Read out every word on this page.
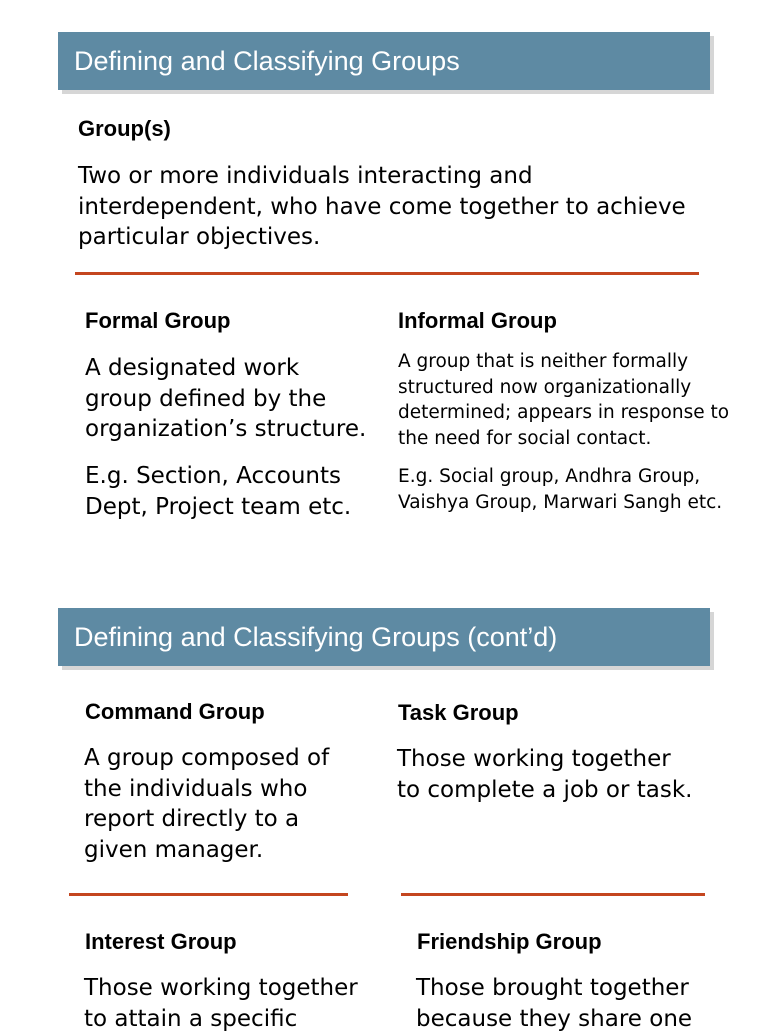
Defining and Classifying Groups
Group(s)
Two or more individuals interacting and
interdependent, who have come together to achieve
particular objectives.
Formal Group
A designated work
group defined by the
organization’s structure.
E.g. Section, Accounts
Dept, Project team etc.
Informal Group
A group that is neither formally
structured now organizationally
determined; appears in response to
the need for social contact.
E.g. Social group, Andhra Group,
Vaishya Group, Marwari Sangh etc.
Defining and Classifying Groups (cont’d)
Command Group
A group composed of
the individuals who
report directly to a
given manager.
Task Group
Those working together
to complete a job or task.
Interest Group
Those working together
to attain a specific
Friendship Group
Those brought together
because they share one
